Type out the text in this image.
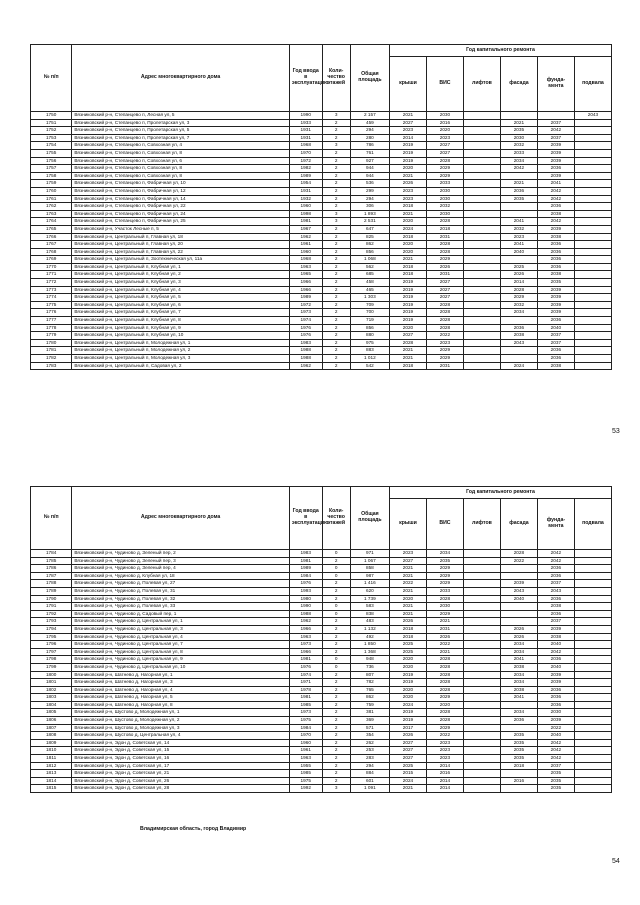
№ п/п	Адрес многоквартирного дома	Год ввода в эксплуатацию	Коли-чество этажей	Общая площадь	Год капитального ремонта					
					крыши	ВИС	лифтов	фасада	фунда-мента	подвала
1750	Вязниковский р-н, Степанцево п, Лесная ул, 5	1990	3	2 157	2021	2030				2043
1751	Вязниковский р-н, Степанцево п, Пролетарская ул, 3	1933	2	459	2027	2016		2021	2037	
1752	Вязниковский р-н, Степанцево п, Пролетарская ул, 5	1931	2	294	2023	2020		2035	2042	
1753	Вязниковский р-н, Степанцево п, Пролетарская ул, 7	1931	2	280	2014	2023		2030	2037	
1754	Вязниковский р-н, Степанцево п, Совхозная ул, 4	1968	3	786	2019	2027		2032	2039	
1755	Вязниковский р-н, Степанцево п, Совхозная ул, 8	1970	2	761	2019	2027		2033	2039	
1756	Вязниковский р-н, Степанцево п, Совхозная ул, 6	1972	2	927	2019	2028		2034	2039	
1757	Вязниковский р-н, Степанцево п, Совхозная ул, 8	1982	2	944	2020	2029		2042	2036	
1758	Вязниковский р-н, Степанцево п, Совхозная ул, 8	1989	2	944	2021	2029			2039	
1759	Вязниковский р-н, Степанцево п, Фабричная ул, 10	1954	2	536	2026	2033		2021	2041	
1760	Вязниковский р-н, Степанцево п, Фабричная ул, 12	1931	2	299	2023	2030		2036	2042	
1761	Вязниковский р-н, Степанцево п, Фабричная ул, 14	1932	2	294	2023	2030		2035	2042	
1762	Вязниковский р-н, Степанцево п, Фабричная ул, 22	1960	2	306	2018	2032			2036	
1763	Вязниковский р-н, Степанцево п, Фабричная ул, 24	1998	3	1 893	2021	2030			2038	
1764	Вязниковский р-н, Степанцево п, Фабричная ул, 25	1981	3	2 531	2020	2028		2041	2042	
1765	Вязниковский р-н, Участок Лесные п, 5	1967	2	647	2024	2018		2032	2039	
1766	Вязниковский р-н, Центральный п, Главная ул, 18	1962	2	825	2018	2031		2023	2038	
1767	Вязниковский р-н, Центральный п, Главная ул, 20	1961	2	862	2020	2028		2041	2036	
1768	Вязниковский р-н, Центральный п, Главная ул, 22	1960	2	856	2020	2028		2040	2036	
1769	Вязниковский р-н, Центральный п, Зоотехническая ул, 11а	1968	2	1 068	2021	2029			2036	
1770	Вязниковский р-н, Центральный п, Клубная ул, 1	1963	2	562	2018	2026		2025	2036	
1771	Вязниковский р-н, Центральный п, Клубная ул, 2	1965	2	685	2018	2031		2026	2038	
1772	Вязниковский р-н, Центральный п, Клубная ул, 3	1966	2	458	2019	2027		2014	2035	
1773	Вязниковский р-н, Центральный п, Клубная ул, 4	1966	2	465	2019	2027		2028	2039	
1774	Вязниковский р-н, Центральный п, Клубная ул, 5	1989	2	1 303	2019	2027		2029	2039	
1775	Вязниковский р-н, Центральный п, Клубная ул, 6	1972	2	709	2019	2028		2032	2039	
1776	Вязниковский р-н, Центральный п, Клубная ул, 7	1973	2	700	2019	2028		2034	2039	
1777	Вязниковский р-н, Центральный п, Клубная ул, 8	1974	2	719	2019	2028			2036	
1778	Вязниковский р-н, Центральный п, Клубная ул, 9	1976	2	856	2020	2028		2036	2040	
1779	Вязниковский р-н, Центральный п, Клубная ул, 10	1976	2	880	2027	2022		2038	2037	
1780	Вязниковский р-н, Центральный п, Молодежная ул, 1	1983	2	975	2028	2023		2043	2037	
1781	Вязниковский р-н, Центральный п, Молодежная ул, 2	1988	2	883	2021	2029			2036	
1782	Вязниковский р-н, Центральный п, Молодежная ул, 3	1988	2	1 012	2021	2029			2036	
1783	Вязниковский р-н, Центральный п, Садовая ул, 2	1962	2	542	2018	2031		2024	2038	
53
№ п/п	Адрес многоквартирного дома	Год ввода в эксплуатацию	Коли-чество этажей	Общая площадь	Год капитального ремонта					
					крыши	ВИС	лифтов	фасада	фунда-мента	подвала
1784	Вязниковский р-н, Чудиново д, Зеленый пер, 2	1983	0	971	2023	2034		2028	2042	
1785	Вязниковский р-н, Чудиново д, Зеленый пер, 3	1981	2	1 067	2027	2035		2022	2042	
1786	Вязниковский р-н, Чудиново д, Зеленый пер, 4	1989	0	858	2021	2029			2036	
1787	Вязниковский р-н, Чудиново д, Клубная ул, 18	1984	0	987	2021	2029			2036	
1788	Вязниковский р-н, Чудиново д, Полевая ул, 27	1976	2	1 416	2022	2029		2039	2037	
1789	Вязниковский р-н, Чудиново д, Полевая ул, 31	1993	2	620	2021	2033		2043	2043	
1790	Вязниковский р-н, Чудиново д, Полевая ул, 32	1980	2	1 739	2020	2028		2040	2036	
1791	Вязниковский р-н, Чудиново д, Полевая ул, 33	1990	0	583	2021	2030			2038	
1792	Вязниковский р-н, Чудиново д, Садовый пер, 1	1988	0	838	2021	2029			2036	
1793	Вязниковский р-н, Чудиново д, Центральная ул, 1	1962	2	483	2026	2021			2037	
1794	Вязниковский р-н, Чудиново д, Центральная ул, 3	1966	2	1 132	2018	2031		2026	2039	
1795	Вязниковский р-н, Чудиново д, Центральная ул, 4	1963	2	492	2018	2026		2026	2038	
1796	Вязниковский р-н, Чудиново д, Центральная ул, 7	1973	2	1 850	2025	2022		2034	2040	
1797	Вязниковский р-н, Чудиново д, Центральная ул, 8	1966	2	1 368	2025	2021		2034	2042	
1798	Вязниковский р-н, Чудиново д, Центральная ул, 9	1981	0	948	2020	2028		2041	2036	
1799	Вязниковский р-н, Чудиново д, Центральная ул, 10	1976	0	736	2020	2028		2038	2040	
1800	Вязниковский р-н, Шатнево д, Нагорная ул, 1	1974	2	807	2019	2028		2034	2039	
1801	Вязниковский р-н, Шатнево д, Нагорная ул, 3	1971	2	782	2019	2028		2034	2039	
1802	Вязниковский р-н, Шатнево д, Нагорная ул, 4	1978	2	765	2020	2028		2038	2036	
1803	Вязниковский р-н, Шатнево д, Нагорная ул, 5	1981	2	862	2020	2029		2041	2036	
1804	Вязниковский р-н, Шатнево д, Нагорная ул, 8	1985	2	759	2024	2020			2036	
1805	Вязниковский р-н, Шустово д, Молодежная ул, 1	1973	2	381	2019	2028		2034	2030	
1806	Вязниковский р-н, Шустово д, Молодежная ул, 2	1975	2	369	2019	2028		2036	2039	
1807	Вязниковский р-н, Шустово д, Молодежная ул, 3	1984	2	571	2017	2029			2022	
1808	Вязниковский р-н, Шустово д, Центральная ул, 4	1970	2	354	2026	2022		2035	2040	
1809	Вязниковский р-н, Эдон д, Советская ул, 14	1960	2	262	2027	2023		2035	2042	
1810	Вязниковский р-н, Эдон д, Советская ул, 15	1961	2	253	2027	2023		2035	2042	
1811	Вязниковский р-н, Эдон д, Советская ул, 16	1963	2	283	2027	2023		2035	2042	
1812	Вязниковский р-н, Эдон д, Советская ул, 17	1955	2	294	2025	2014		2018	2037	
1813	Вязниковский р-н, Эдон д, Советская ул, 21	1985	2	884	2015	2016			2035	
1814	Вязниковский р-н, Эдон д, Советская ул, 26	1975	2	601	2024	2014		2016	2035	
1815	Вязниковский р-н, Эдон д, Советская ул, 28	1992	3	1 091	2021	2014			2035	
Владимирская область, город Владимир
54
